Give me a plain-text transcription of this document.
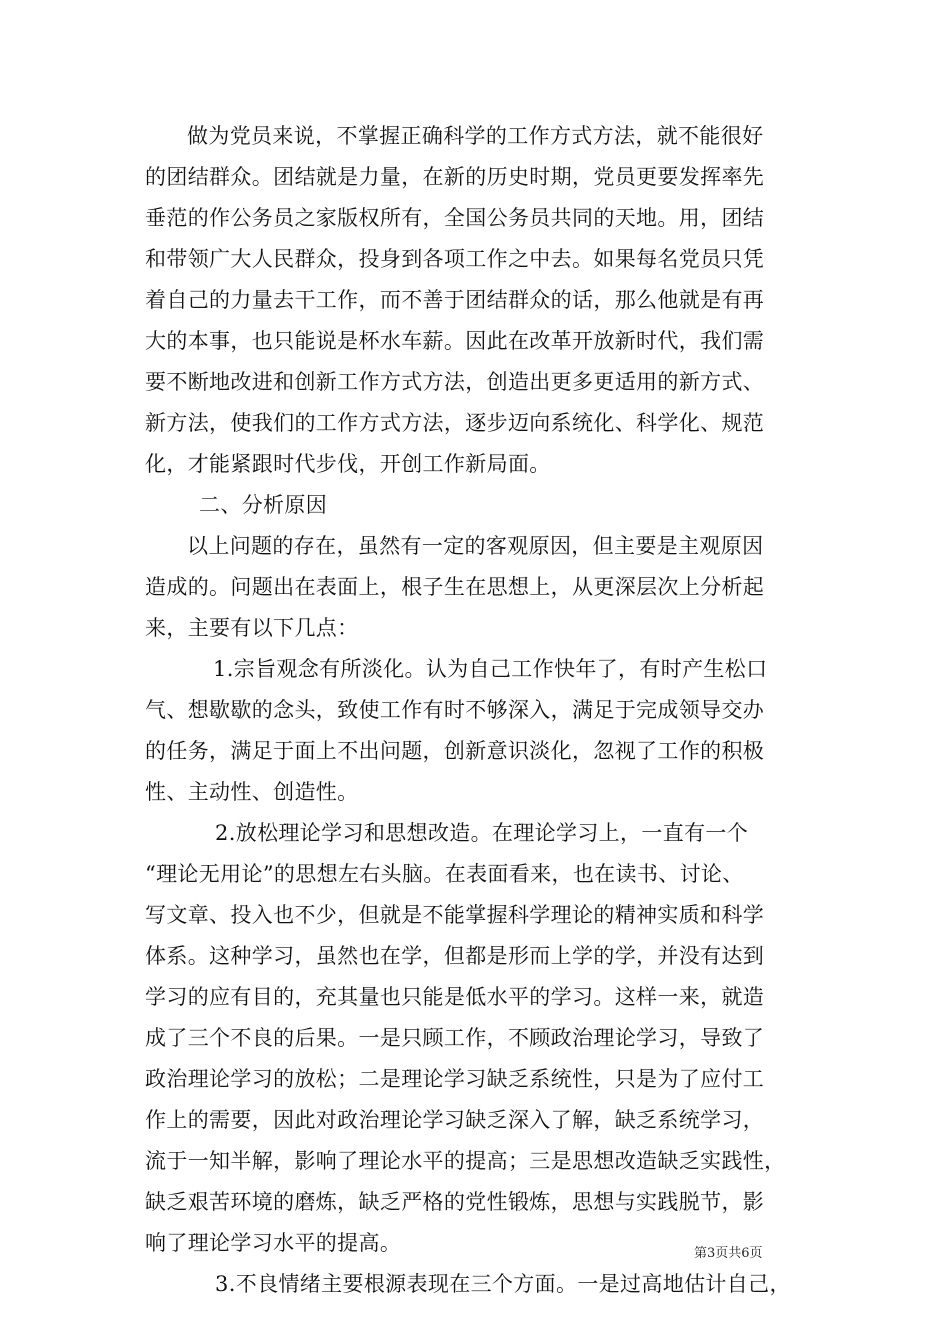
做为党员来说，不掌握正确科学的工作方式方法，就不能很好
的团结群众。团结就是力量，在新的历史时期，党员更要发挥率先
垂范的作公务员之家版权所有，全国公务员共同的天地。用，团结
和带领广大人民群众，投身到各项工作之中去。如果每名党员只凭
着自己的力量去干工作，而不善于团结群众的话，那么他就是有再
大的本事，也只能说是杯水车薪。因此在改革开放新时代，我们需
要不断地改进和创新工作方式方法，创造出更多更适用的新方式、
新方法，使我们的工作方式方法，逐步迈向系统化、科学化、规范
化，才能紧跟时代步伐，开创工作新局面。
二、分析原因
以上问题的存在，虽然有一定的客观原因，但主要是主观原因
造成的。问题出在表面上，根子生在思想上，从更深层次上分析起
来，主要有以下几点：
1.宗旨观念有所淡化。认为自己工作快年了，有时产生松口
气、想歇歇的念头，致使工作有时不够深入，满足于完成领导交办
的任务，满足于面上不出问题，创新意识淡化，忽视了工作的积极
性、主动性、创造性。
2.放松理论学习和思想改造。在理论学习上，一直有一个
“理论无用论”的思想左右头脑。在表面看来，也在读书、讨论、
写文章、投入也不少，但就是不能掌握科学理论的精神实质和科学
体系。这种学习，虽然也在学，但都是形而上学的学，并没有达到
学习的应有目的，充其量也只能是低水平的学习。这样一来，就造
成了三个不良的后果。一是只顾工作，不顾政治理论学习，导致了
政治理论学习的放松；二是理论学习缺乏系统性，只是为了应付工
作上的需要，因此对政治理论学习缺乏深入了解，缺乏系统学习，
流于一知半解，影响了理论水平的提高；三是思想改造缺乏实践性，
缺乏艰苦环境的磨炼，缺乏严格的党性锻炼，思想与实践脱节，影
响了理论学习水平的提高。
3.不良情绪主要根源表现在三个方面。一是过高地估计自己，
第3页共6页
